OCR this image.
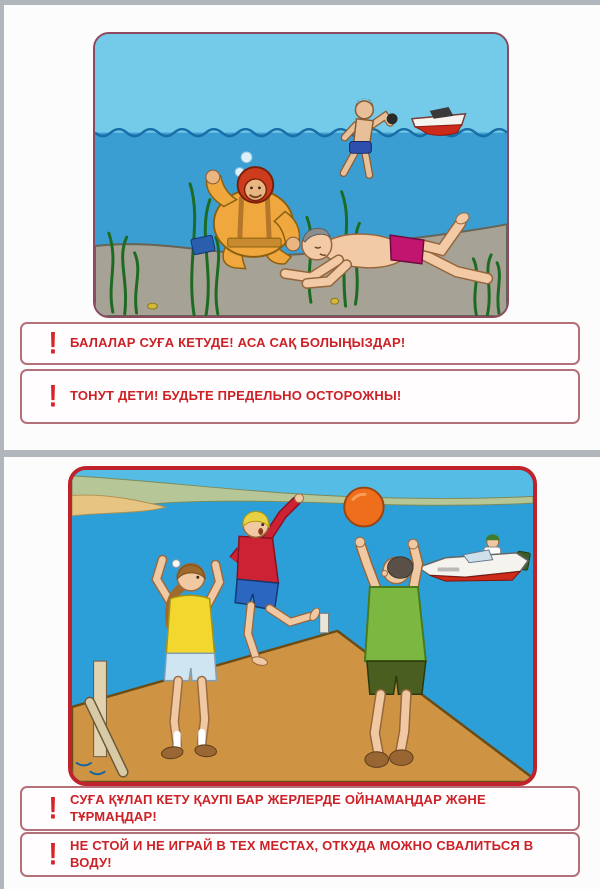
! БАЛАЛАР СУҒА КЕТУДЕ! АСА САҚ БОЛЫҢЫЗДАР!
! ТОНУТ ДЕТИ! БУДЬТЕ ПРЕДЕЛЬНО ОСТОРОЖНЫ!
! СУҒА ҚҰЛАП КЕТУ ҚАУПІ БАР ЖЕРЛЕРДЕ ОЙНАМАҢДАР ЖӘНЕ ТҰРМАҢДАР!
! НЕ СТОЙ И НЕ ИГРАЙ В ТЕХ МЕСТАХ, ОТКУДА МОЖНО СВАЛИТЬСЯ В ВОДУ!
